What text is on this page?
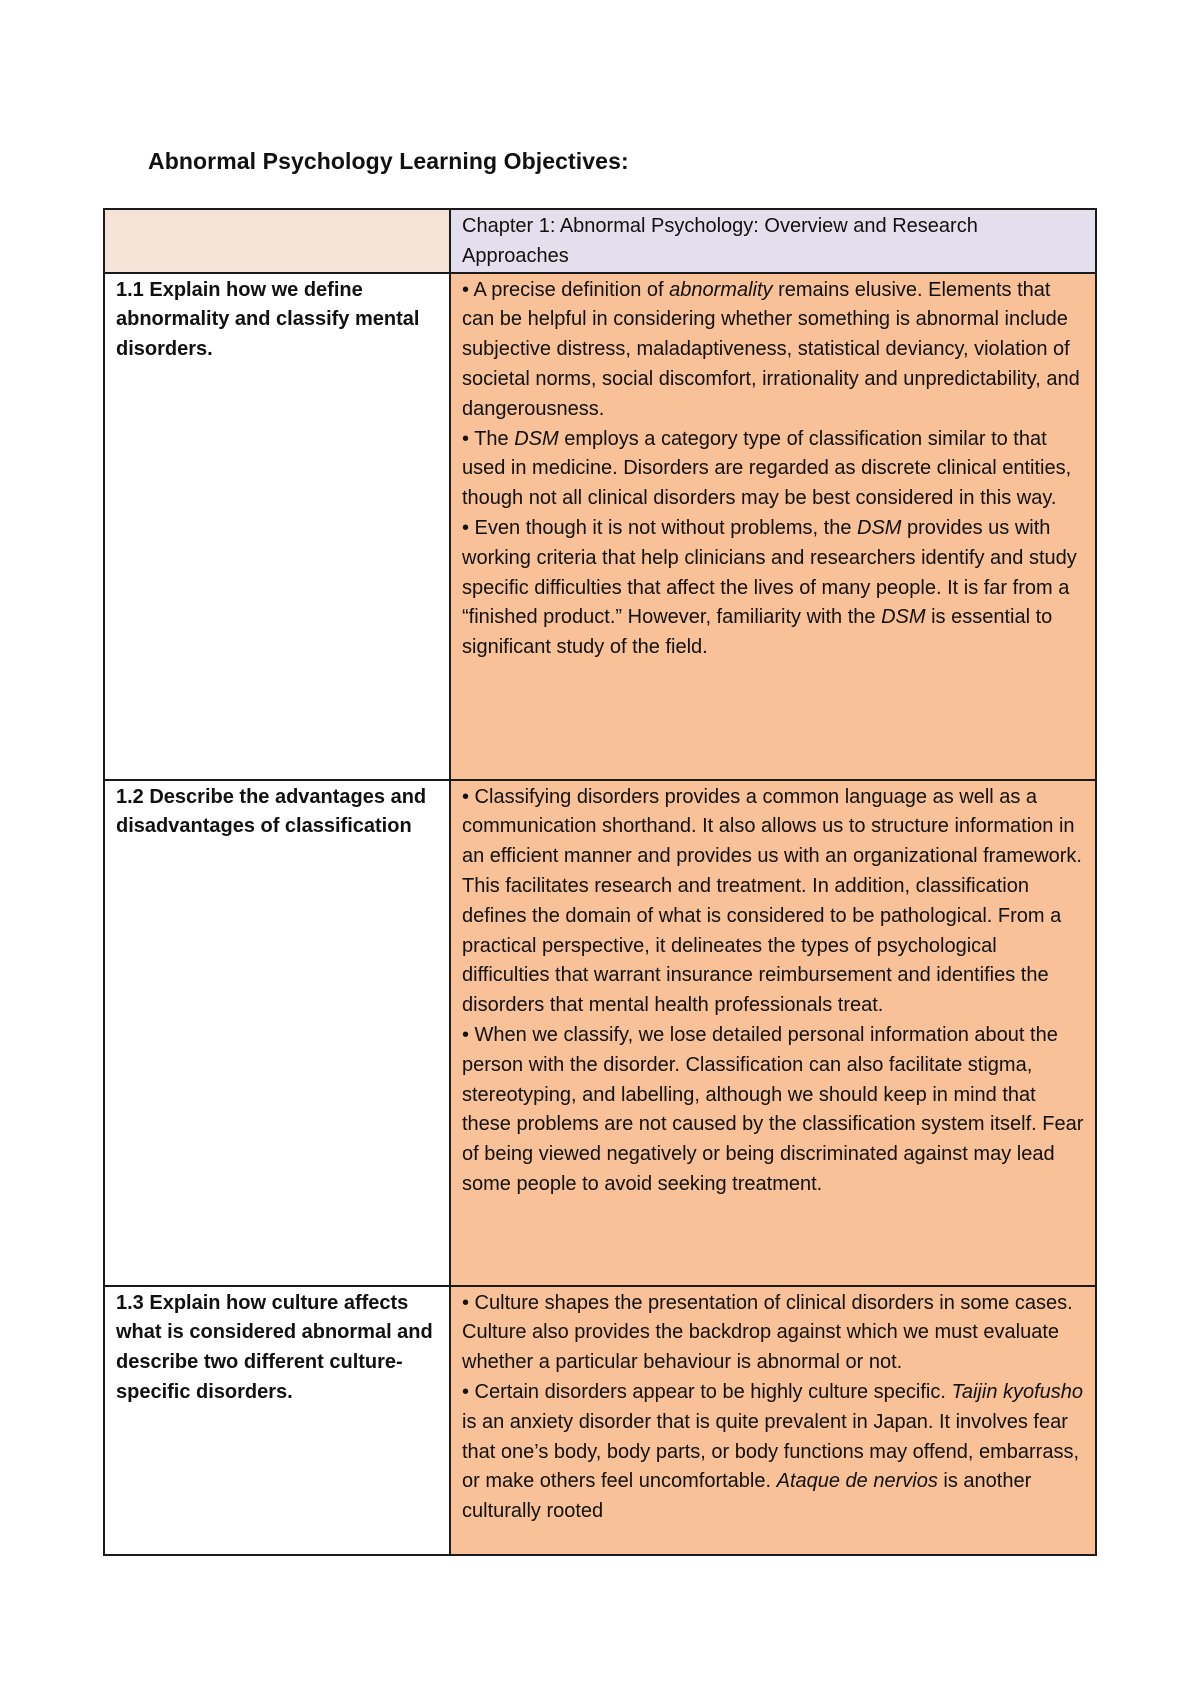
Abnormal Psychology Learning Objectives:
	Chapter 1: Abnormal Psychology: Overview and Research Approaches
1.1 Explain how we define abnormality and classify mental disorders.	• A precise definition of abnormality remains elusive. Elements that can be helpful in considering whether something is abnormal include subjective distress, maladaptiveness, statistical deviancy, violation of societal norms, social discomfort, irrationality and unpredictability, and dangerousness.
• The DSM employs a category type of classification similar to that used in medicine. Disorders are regarded as discrete clinical entities, though not all clinical disorders may be best considered in this way.
• Even though it is not without problems, the DSM provides us with working criteria that help clinicians and researchers identify and study specific difficulties that affect the lives of many people. It is far from a “finished product.” However, familiarity with the DSM is essential to significant study of the field.

1.2 Describe the advantages and disadvantages of classification	• Classifying disorders provides a common language as well as a communication shorthand. It also allows us to structure information in an efficient manner and provides us with an organizational framework. This facilitates research and treatment. In addition, classification defines the domain of what is considered to be pathological. From a practical perspective, it delineates the types of psychological difficulties that warrant insurance reimbursement and identifies the disorders that mental health professionals treat.
• When we classify, we lose detailed personal information about the person with the disorder. Classification can also facilitate stigma, stereotyping, and labelling, although we should keep in mind that these problems are not caused by the classification system itself. Fear of being viewed negatively or being discriminated against may lead some people to avoid seeking treatment.

1.3 Explain how culture affects what is considered abnormal and describe two different culture-specific disorders.	• Culture shapes the presentation of clinical disorders in some cases. Culture also provides the backdrop against which we must evaluate whether a particular behaviour is abnormal or not.
• Certain disorders appear to be highly culture specific. Taijin kyofusho is an anxiety disorder that is quite prevalent in Japan. It involves fear that one’s body, body parts, or body functions may offend, embarrass, or make others feel uncomfortable. Ataque de nervios is another culturally rooted
